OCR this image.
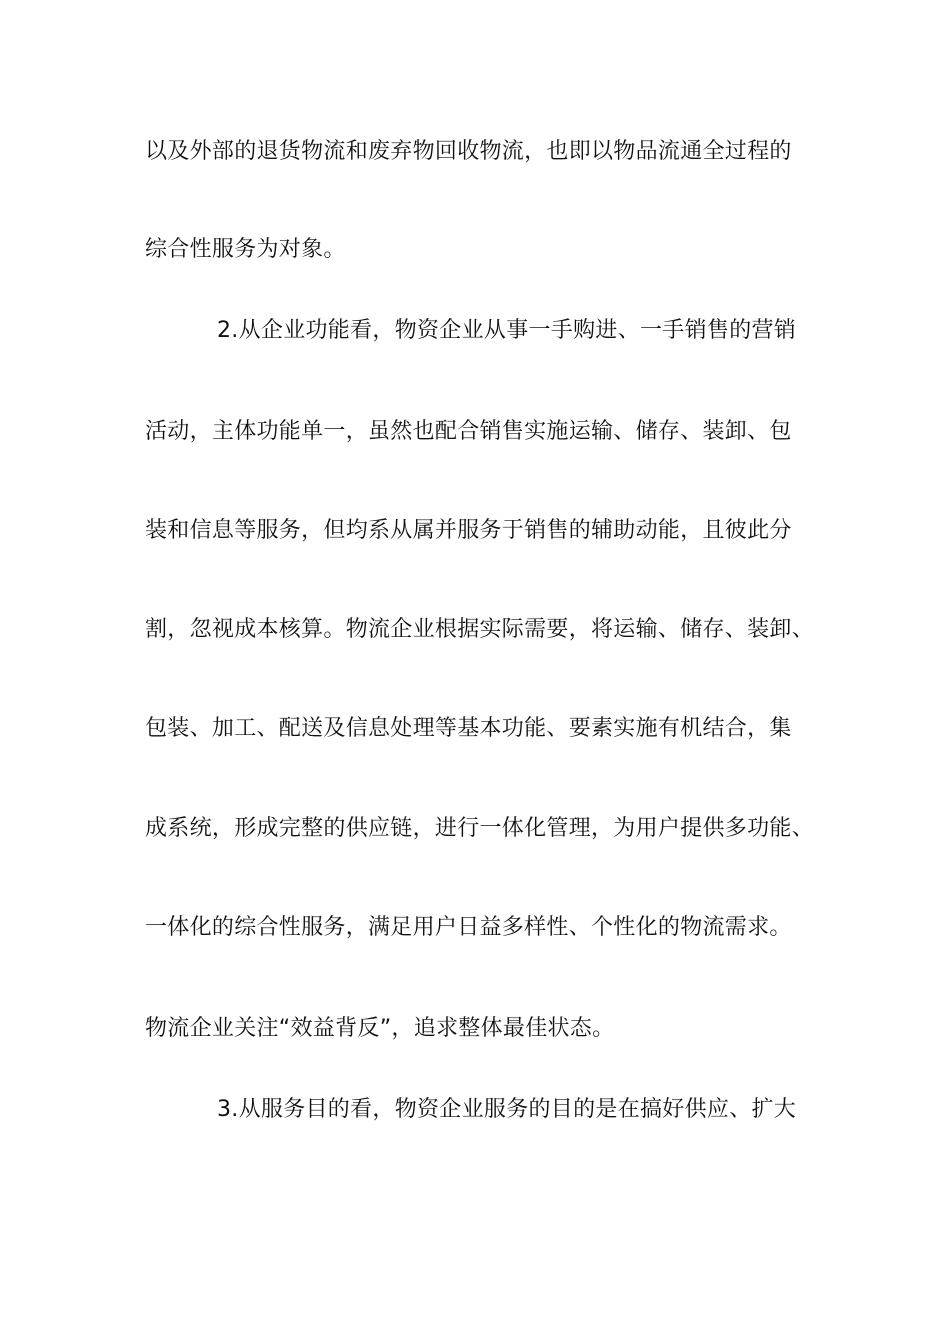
以及外部的退货物流和废弃物回收物流，也即以物品流通全过程的
综合性服务为对象。
2.从企业功能看，物资企业从事一手购进、一手销售的营销
活动，主体功能单一，虽然也配合销售实施运输、储存、装卸、包
装和信息等服务，但均系从属并服务于销售的辅助动能，且彼此分
割，忽视成本核算。物流企业根据实际需要，将运输、储存、装卸、
包装、加工、配送及信息处理等基本功能、要素实施有机结合，集
成系统，形成完整的供应链，进行一体化管理，为用户提供多功能、
一体化的综合性服务，满足用户日益多样性、个性化的物流需求。
物流企业关注“效益背反”，追求整体最佳状态。
3.从服务目的看，物资企业服务的目的是在搞好供应、扩大
